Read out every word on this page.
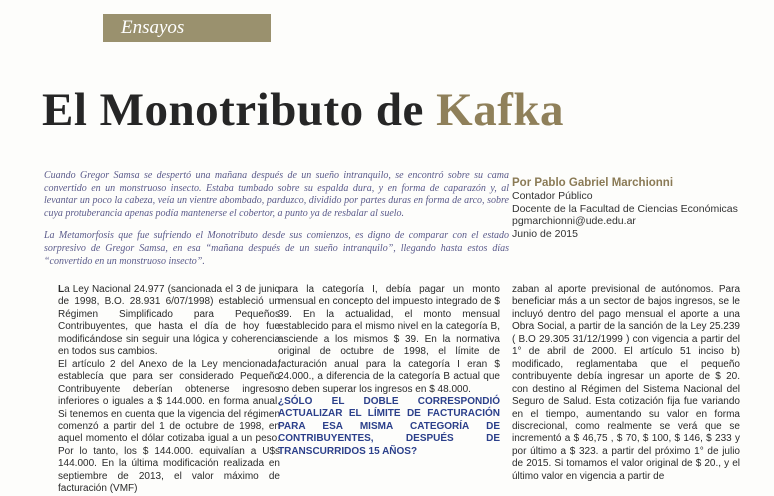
Ensayos
El Monotributo de Kafka

Cuando Gregor Samsa se despertó una mañana después de un sueño intranquilo, se encontró sobre su cama convertido en un monstruoso insecto. Estaba tumbado sobre su espalda dura, y en forma de caparazón y, al levantar un poco la cabeza, veía un vientre abombado, parduzco, dividido por partes duras en forma de arco, sobre cuya protuberancia apenas podía mantenerse el cobertor, a punto ya de resbalar al suelo.

La Metamorfosis que fue sufriendo el Monotributo desde sus comienzos, es digno de comparar con el estado sorpresivo de Gregor Samsa, en esa “mañana después de un sueño intranquilo”, llegando hasta estos días “convertido en un monstruoso insecto”.

Por Pablo Gabriel Marchionni
Contador Público
Docente de la Facultad de Ciencias Económicas
pgmarchionni@ude.edu.ar
Junio de 2015

La Ley Nacional 24.977 (sancionada el 3 de junio de 1998, B.O. 28.931 6/07/1998) estableció un Régimen Simplificado para Pequeños Contribuyentes, que hasta el día de hoy fue modificándose sin seguir una lógica y coherencia en todos sus cambios.

El artículo 2 del Anexo de la Ley mencionada, establecía que para ser considerado Pequeño Contribuyente deberían obtenerse ingresos inferiores o iguales a $ 144.000. en forma anual. Si tenemos en cuenta que la vigencia del régimen comenzó a partir del 1 de octubre de 1998, en aquel momento el dólar cotizaba igual a un peso. Por lo tanto, los $ 144.000. equivalían a U$s 144.000. En la última modificación realizada en septiembre de 2013, el valor máximo de facturación (VMF)

para la categoría I, debía pagar un monto mensual en concepto del impuesto integrado de $ 39. En la actualidad, el monto mensual establecido para el mismo nivel en la categoría B, asciende a los mismos $ 39. En la normativa original de octubre de 1998, el límite de facturación anual para la categoría I eran $ 24.000., a diferencia de la categoría B actual que no deben superar los ingresos en $ 48.000.

¿SÓLO EL DOBLE CORRESPONDIÓ ACTUALIZAR EL LÍMITE DE FACTURACIÓN PARA ESA MISMA CATEGORÍA DE CONTRIBUYENTES, DESPUÉS DE TRANSCURRIDOS 15 AÑOS?

zaban al aporte previsional de autónomos. Para beneficiar más a un sector de bajos ingresos, se le incluyó dentro del pago mensual el aporte a una Obra Social, a partir de la sanción de la Ley 25.239 ( B.O 29.305 31/12/1999 ) con vigencia a partir del 1° de abril de 2000. El artículo 51 inciso b) modificado, reglamentaba que el pequeño contribuyente debía ingresar un aporte de $ 20. con destino al Régimen del Sistema Nacional del Seguro de Salud. Esta cotización fija fue variando en el tiempo, aumentando su valor en forma discrecional, como realmente se verá que se incrementó a $ 46,75 , $ 70, $ 100, $ 146, $ 233 y por último a $ 323. a partir del próximo 1° de julio de 2015. Si tomamos el valor original de $ 20., y el último valor en vigencia a partir de
